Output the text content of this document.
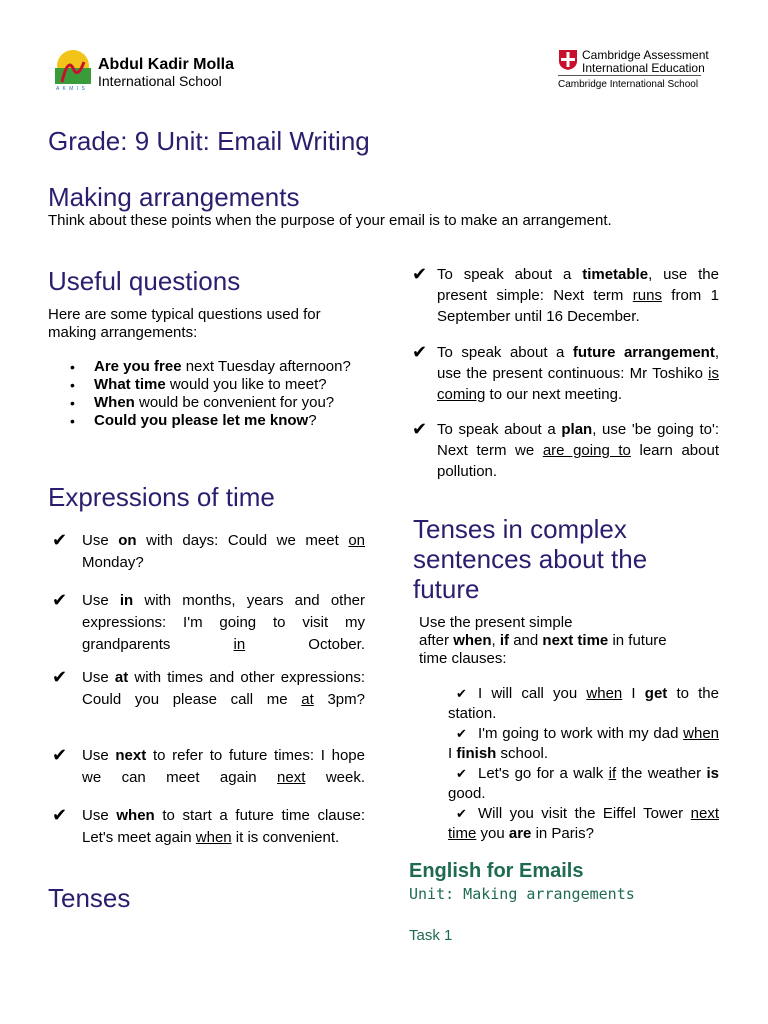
A K M I S
Abdul Kadir Molla
International School
Cambridge Assessment
International Education
Cambridge International School
Grade: 9 Unit: Email Writing
Making arrangements
Think about these points when the purpose of your email is to make an arrangement.
Useful questions
Here are some typical questions used for making arrangements:
• Are you free next Tuesday afternoon?
• What time would you like to meet?
• When would be convenient for you?
• Could you please let me know?
Expressions of time
✔ Use on with days: Could we meet on Monday?
✔ Use in with months, years and other expressions: I'm going to visit my grandparents in October.
✔ Use at with times and other expressions: Could you please call me at 3pm?
✔ Use next to refer to future times: I hope we can meet again next week.
✔ Use when to start a future time clause: Let's meet again when it is convenient.
Tenses
✔ To speak about a timetable, use the present simple: Next term runs from 1 September until 16 December.
✔ To speak about a future arrangement, use the present continuous: Mr Toshiko is coming to our next meeting.
✔ To speak about a plan, use 'be going to': Next term we are going to learn about pollution.
Tenses in complex
sentences about the
future
Use the present simple
after when, if and next time in future
time clauses:
✔ I will call you when I get to the station.
✔ I'm going to work with my dad when I finish school.
✔ Let's go for a walk if the weather is good.
✔ Will you visit the Eiffel Tower next time you are in Paris?
English for Emails
Unit: Making arrangements
Task 1
